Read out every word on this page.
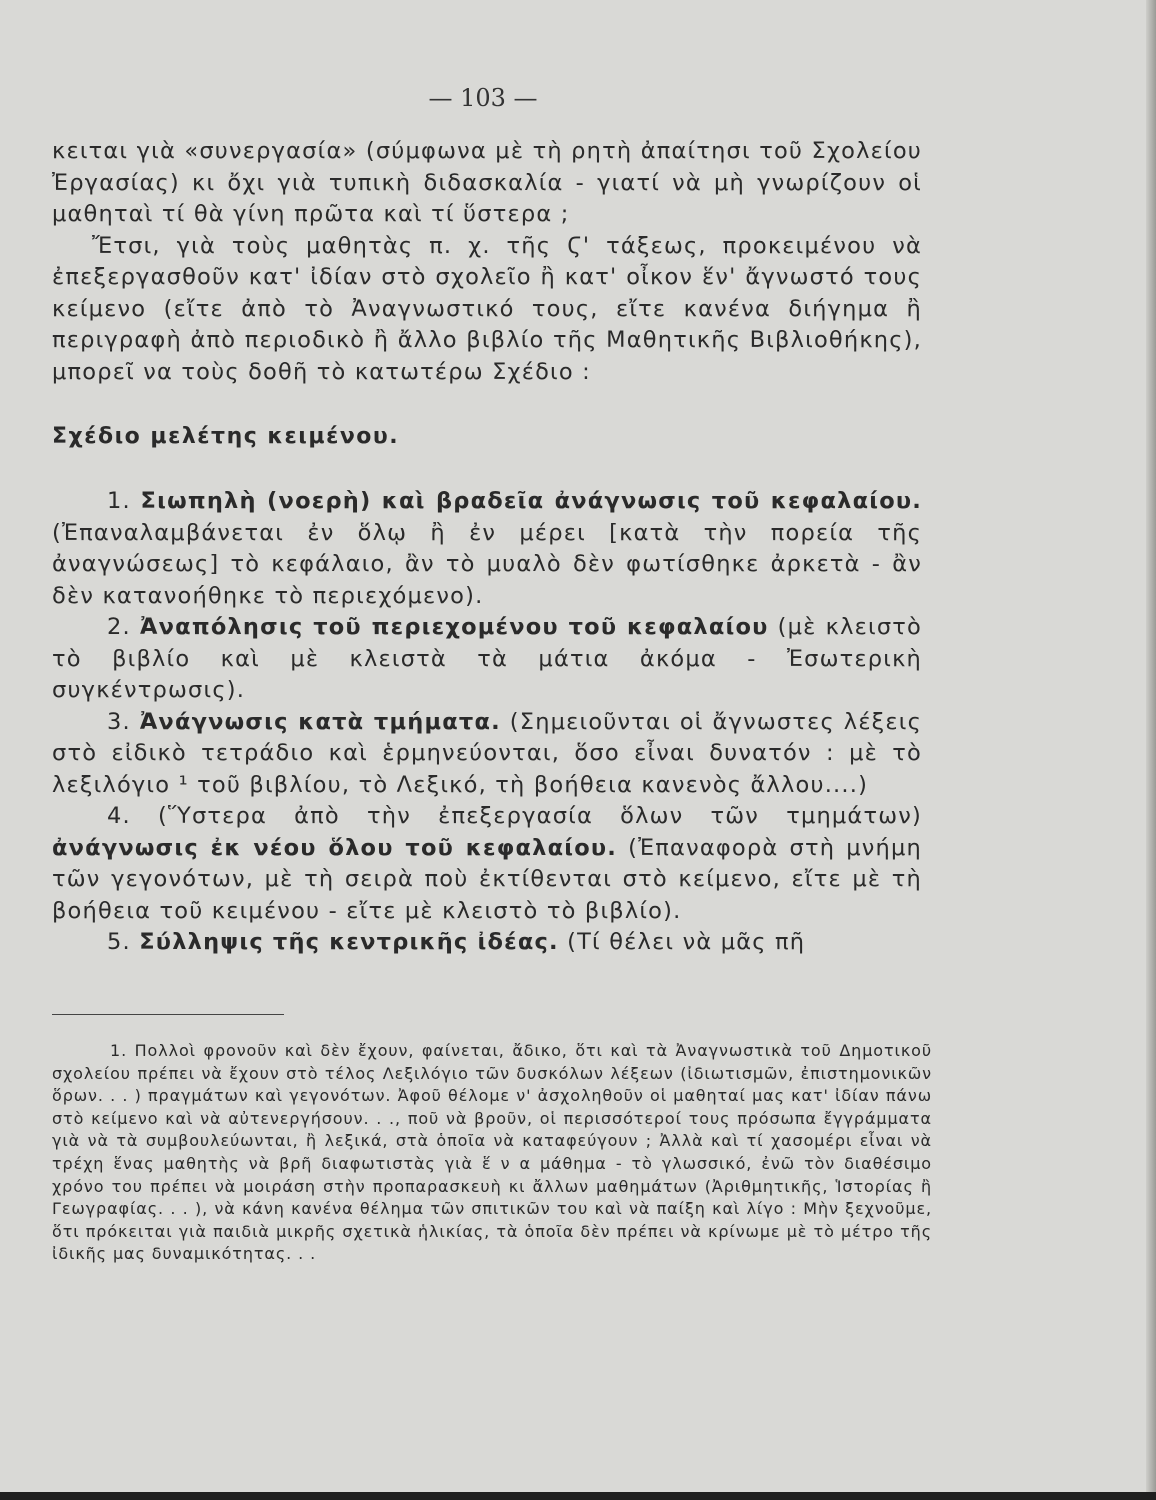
— 103 —

κειται γιὰ «συνεργασία» (σύμφωνα μὲ τὴ ρητὴ ἀπαίτησι τοῦ Σχολείου Ἐργασίας) κι ὄχι γιὰ τυπικὴ διδασκαλία - γιατί νὰ μὴ γνωρίζουν οἱ μαθηταὶ τί θὰ γίνη πρῶτα καὶ τί ὕστερα ;

Ἔτσι, γιὰ τοὺς μαθητὰς π. χ. τῆς Ϛ' τάξεως, προκειμένου νὰ ἐπεξεργασθοῦν κατ' ἰδίαν στὸ σχολεῖο ἢ κατ' οἶκον ἕν' ἄγνωστό τους κείμενο (εἴτε ἀπὸ τὸ Ἀναγνωστικό τους, εἴτε κανένα διήγημα ἢ περιγραφὴ ἀπὸ περιοδικὸ ἢ ἄλλο βιβλίο τῆς Μαθητικῆς Βιβλιοθήκης), μπορεῖ να τοὺς δοθῆ τὸ κατωτέρω Σχέδιο :

Σχέδιο μελέτης κειμένου.

1. Σιωπηλὴ (νοερὴ) καὶ βραδεῖα ἀνάγνωσις τοῦ κεφαλαίου. (Ἐπαναλαμβάνεται ἐν ὅλῳ ἢ ἐν μέρει [κατὰ τὴν πορεία τῆς ἀναγνώσεως] τὸ κεφάλαιο, ἂν τὸ μυαλὸ δὲν φωτίσθηκε ἀρκετὰ - ἂν δὲν κατανοήθηκε τὸ περιεχόμενο).

2. Ἀναπόλησις τοῦ περιεχομένου τοῦ κεφαλαίου (μὲ κλειστὸ τὸ βιβλίο καὶ μὲ κλειστὰ τὰ μάτια ἀκόμα - Ἐσωτερικὴ συγκέντρωσις).

3. Ἀνάγνωσις κατὰ τμήματα. (Σημειοῦνται οἱ ἄγνωστες λέξεις στὸ εἰδικὸ τετράδιο καὶ ἑρμηνεύονται, ὅσο εἶναι δυνατόν : μὲ τὸ λεξιλόγιο ¹ τοῦ βιβλίου, τὸ Λεξικό, τὴ βοήθεια κανενὸς ἄλλου....)

4. (Ὕστερα ἀπὸ τὴν ἐπεξεργασία ὅλων τῶν τμημάτων) ἀνάγνωσις ἐκ νέου ὅλου τοῦ κεφαλαίου. (Ἐπαναφορὰ στὴ μνήμη τῶν γεγονότων, μὲ τὴ σειρὰ ποὺ ἐκτίθενται στὸ κείμενο, εἴτε μὲ τὴ βοήθεια τοῦ κειμένου - εἴτε μὲ κλειστὸ τὸ βιβλίο).

5. Σύλληψις τῆς κεντρικῆς ἰδέας. (Τί θέλει νὰ μᾶς πῆ

1. Πολλοὶ φρονοῦν καὶ δὲν ἔχουν, φαίνεται, ἄδικο, ὅτι καὶ τὰ Ἀναγνωστικὰ τοῦ Δημοτικοῦ σχολείου πρέπει νὰ ἔχουν στὸ τέλος Λεξιλόγιο τῶν δυσκόλων λέξεων (ἰδιωτισμῶν, ἐπιστημονικῶν ὅρων. . . ) πραγμάτων καὶ γεγονότων. Ἀφοῦ θέλομε ν' ἀσχοληθοῦν οἱ μαθηταί μας κατ' ἰδίαν πάνω στὸ κείμενο καὶ νὰ αὐτενεργήσουν. . ., ποῦ νὰ βροῦν, οἱ περισσότεροί τους πρόσωπα ἔγγράμματα γιὰ νὰ τὰ συμβουλεύωνται, ἢ λεξικά, στὰ ὁποῖα νὰ καταφεύγουν ; Ἀλλὰ καὶ τί χασομέρι εἶναι νὰ τρέχη ἕνας μαθητὴς νὰ βρῆ διαφωτιστὰς γιὰ ἕ ν α μάθημα - τὸ γλωσσικό, ἐνῶ τὸν διαθέσιμο χρόνο του πρέπει νὰ μοιράση στὴν προπαρασκευὴ κι ἄλλων μαθημάτων (Ἀριθμητικῆς, Ἱστορίας ἢ Γεωγραφίας. . . ), νὰ κάνη κανένα θέλημα τῶν σπιτικῶν του καὶ νὰ παίξη καὶ λίγο : Μὴν ξεχνοῦμε, ὅτι πρόκειται γιὰ παιδιὰ μικρῆς σχετικὰ ἡλικίας, τὰ ὁποῖα δὲν πρέπει νὰ κρίνωμε μὲ τὸ μέτρο τῆς ἰδικῆς μας δυναμικότητας. . .
